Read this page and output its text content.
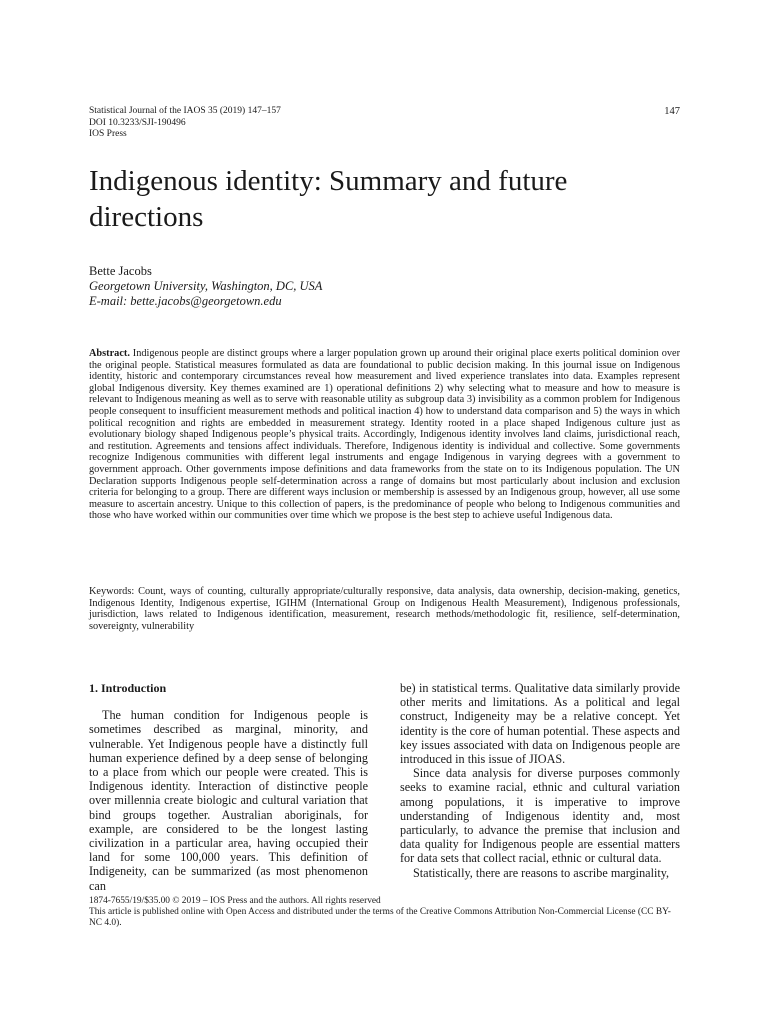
Statistical Journal of the IAOS 35 (2019) 147–157
DOI 10.3233/SJI-190496
IOS Press
147
Indigenous identity: Summary and future directions
Bette Jacobs
Georgetown University, Washington, DC, USA
E-mail: bette.jacobs@georgetown.edu
Abstract. Indigenous people are distinct groups where a larger population grown up around their original place exerts political dominion over the original people. Statistical measures formulated as data are foundational to public decision making. In this journal issue on Indigenous identity, historic and contemporary circumstances reveal how measurement and lived experience translates into data. Examples represent global Indigenous diversity. Key themes examined are 1) operational definitions 2) why selecting what to measure and how to measure is relevant to Indigenous meaning as well as to serve with reasonable utility as subgroup data 3) invisibility as a common problem for Indigenous people consequent to insufficient measurement methods and political inaction 4) how to understand data comparison and 5) the ways in which political recognition and rights are embedded in measurement strategy. Identity rooted in a place shaped Indigenous culture just as evolutionary biology shaped Indigenous people’s physical traits. Accordingly, Indigenous identity involves land claims, jurisdictional reach, and restitution. Agreements and tensions affect individuals. Therefore, Indigenous identity is individual and collective. Some governments recognize Indigenous communities with different legal instruments and engage Indigenous in varying degrees with a government to government approach. Other governments impose definitions and data frameworks from the state on to its Indigenous population. The UN Declaration supports Indigenous people self-determination across a range of domains but most particularly about inclusion and exclusion criteria for belonging to a group. There are different ways inclusion or membership is assessed by an Indigenous group, however, all use some measure to ascertain ancestry. Unique to this collection of papers, is the predominance of people who belong to Indigenous communities and those who have worked within our communities over time which we propose is the best step to achieve useful Indigenous data.
Keywords: Count, ways of counting, culturally appropriate/culturally responsive, data analysis, data ownership, decision-making, genetics, Indigenous Identity, Indigenous expertise, IGIHM (International Group on Indigenous Health Measurement), Indigenous professionals, jurisdiction, laws related to Indigenous identification, measurement, research methods/methodologic fit, resilience, self-determination, sovereignty, vulnerability
1. Introduction

The human condition for Indigenous people is sometimes described as marginal, minority, and vulnerable. Yet Indigenous people have a distinctly full human experience defined by a deep sense of belonging to a place from which our people were created. This is Indigenous identity. Interaction of distinctive people over millennia create biologic and cultural variation that bind groups together. Australian aboriginals, for example, are considered to be the longest lasting civilization in a particular area, having occupied their land for some 100,000 years. This definition of Indigeneity, can be summarized (as most phenomenon can

be) in statistical terms. Qualitative data similarly provide other merits and limitations. As a political and legal construct, Indigeneity may be a relative concept. Yet identity is the core of human potential. These aspects and key issues associated with data on Indigenous people are introduced in this issue of JIOAS.

Since data analysis for diverse purposes commonly seeks to examine racial, ethnic and cultural variation among populations, it is imperative to improve understanding of Indigenous identity and, most particularly, to advance the premise that inclusion and data quality for Indigenous people are essential matters for data sets that collect racial, ethnic or cultural data.

Statistically, there are reasons to ascribe marginality,

1874-7655/19/$35.00 © 2019 – IOS Press and the authors. All rights reserved
This article is published online with Open Access and distributed under the terms of the Creative Commons Attribution Non-Commercial License (CC BY-NC 4.0).
